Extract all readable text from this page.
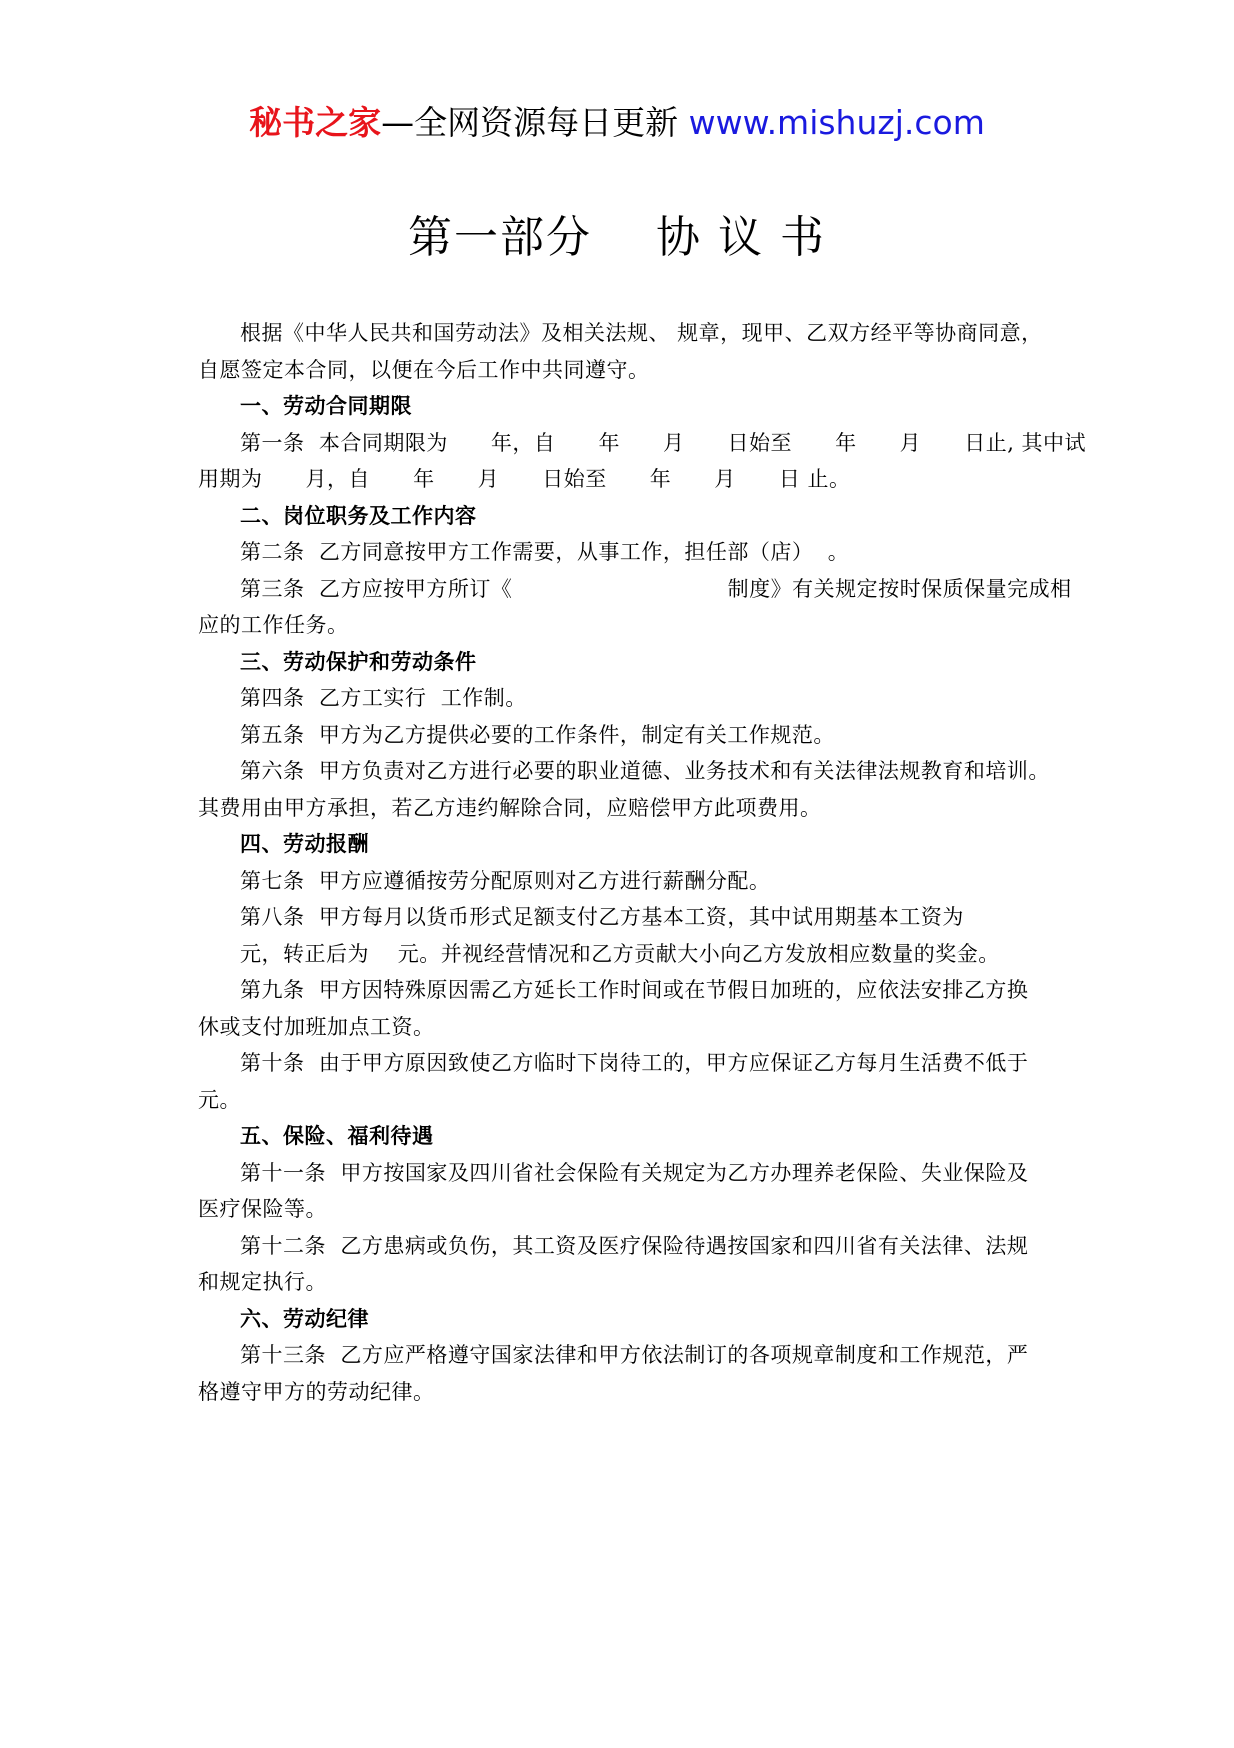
秘书之家—全网资源每日更新 www.mishuzj.com
第一部分    协 议 书
根据《中华人民共和国劳动法》及相关法规、 规章，现甲、乙双方经平等协商同意，
自愿签定本合同，以便在今后工作中共同遵守。
一、劳动合同期限
第一条  本合同期限为      年，自      年      月      日始至      年      月      日止, 其中试
用期为      月，自      年      月      日始至      年      月      日 止。
二、岗位职务及工作内容
第二条  乙方同意按甲方工作需要，从事工作，担任部（店）  。
第三条  乙方应按甲方所订《                              制度》有关规定按时保质保量完成相
应的工作任务。
三、劳动保护和劳动条件
第四条  乙方工实行  工作制。
第五条  甲方为乙方提供必要的工作条件，制定有关工作规范。
第六条  甲方负责对乙方进行必要的职业道德、业务技术和有关法律法规教育和培训。
其费用由甲方承担，若乙方违约解除合同，应赔偿甲方此项费用。
四、劳动报酬
第七条  甲方应遵循按劳分配原则对乙方进行薪酬分配。
第八条  甲方每月以货币形式足额支付乙方基本工资，其中试用期基本工资为
元，转正后为    元。并视经营情况和乙方贡献大小向乙方发放相应数量的奖金。
第九条  甲方因特殊原因需乙方延长工作时间或在节假日加班的，应依法安排乙方换
休或支付加班加点工资。
第十条  由于甲方原因致使乙方临时下岗待工的，甲方应保证乙方每月生活费不低于
元。
五、保险、福利待遇
第十一条  甲方按国家及四川省社会保险有关规定为乙方办理养老保险、失业保险及
医疗保险等。
第十二条  乙方患病或负伤，其工资及医疗保险待遇按国家和四川省有关法律、法规
和规定执行。
六、劳动纪律
第十三条  乙方应严格遵守国家法律和甲方依法制订的各项规章制度和工作规范，严
格遵守甲方的劳动纪律。
